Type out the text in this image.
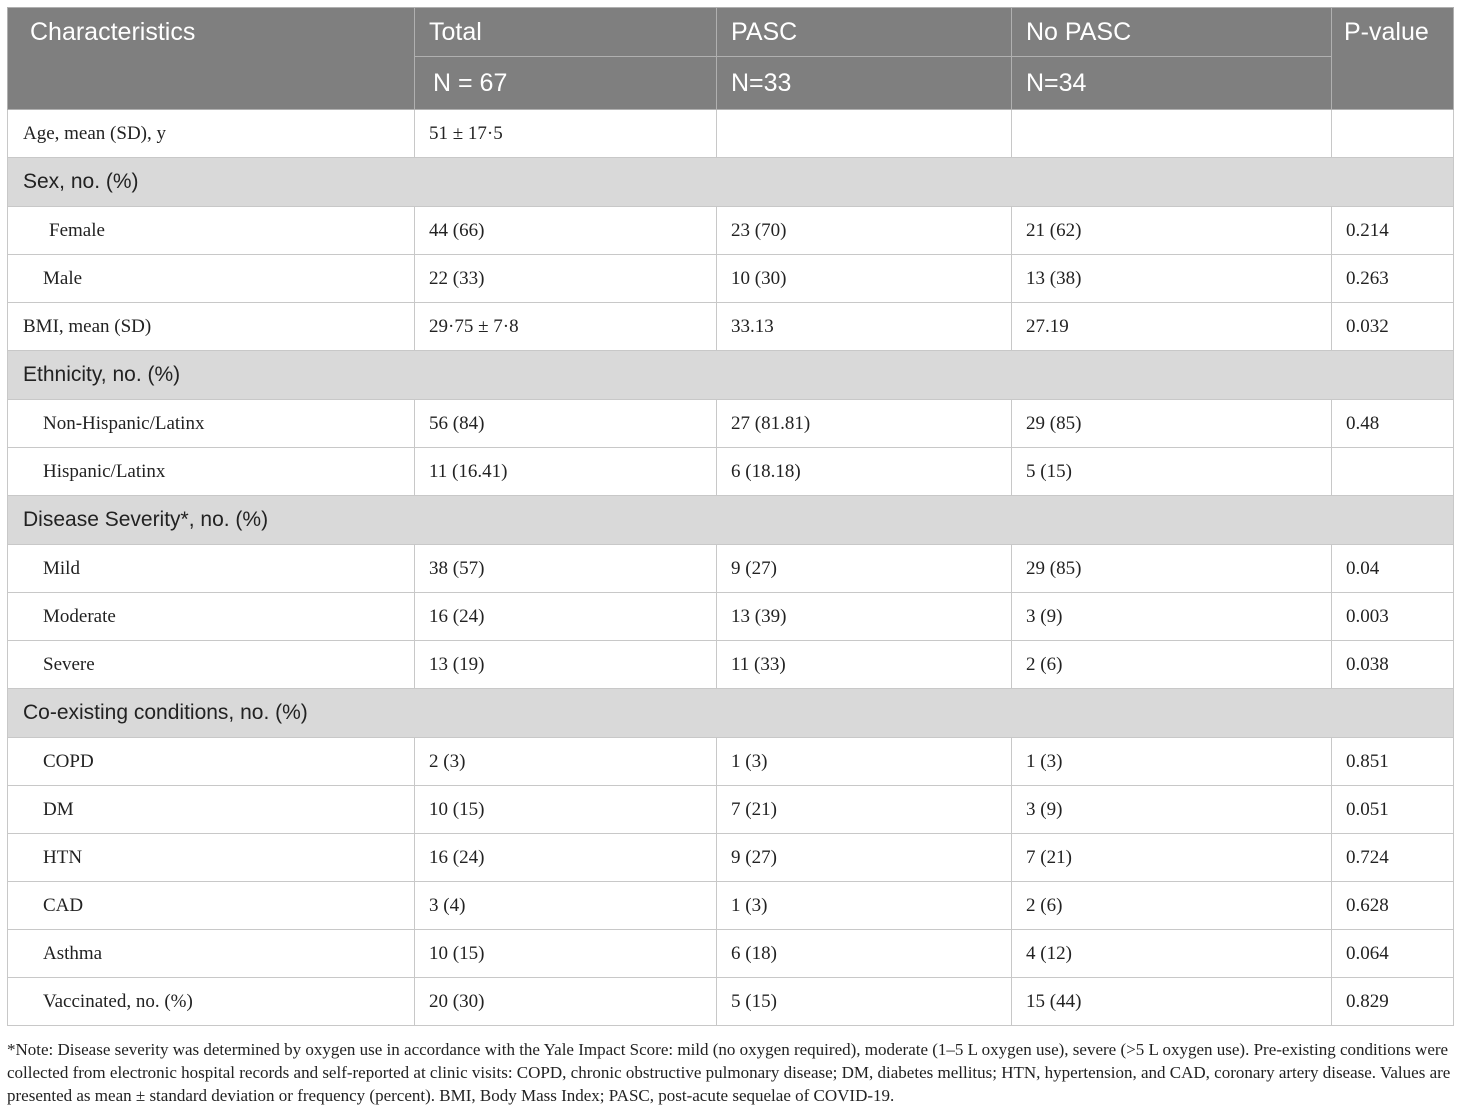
Characteristics	Total	PASC	No PASC	P-value
	N = 67	N=33	N=34	
Age, mean (SD), y	51 ± 17·5			
Sex, no. (%)				
Female	44 (66)	23 (70)	21 (62)	0.214
Male	22 (33)	10 (30)	13 (38)	0.263
BMI, mean (SD)	29·75 ± 7·8	33.13	27.19	0.032
Ethnicity, no. (%)				
Non-Hispanic/Latinx	56 (84)	27 (81.81)	29 (85)	0.48
Hispanic/Latinx	11 (16.41)	6 (18.18)	5 (15)	
Disease Severity*, no. (%)				
Mild	38 (57)	9 (27)	29 (85)	0.04
Moderate	16 (24)	13 (39)	3 (9)	0.003
Severe	13 (19)	11 (33)	2 (6)	0.038
Co-existing conditions, no. (%)				
COPD	2 (3)	1 (3)	1 (3)	0.851
DM	10 (15)	7 (21)	3 (9)	0.051
HTN	16 (24)	9 (27)	7 (21)	0.724
CAD	3 (4)	1 (3)	2 (6)	0.628
Asthma	10 (15)	6 (18)	4 (12)	0.064
Vaccinated, no. (%)	20 (30)	5 (15)	15 (44)	0.829
*Note: Disease severity was determined by oxygen use in accordance with the Yale Impact Score: mild (no oxygen required), moderate (1–5 L oxygen use), severe (>5 L oxygen use). Pre-existing conditions were collected from electronic hospital records and self-reported at clinic visits: COPD, chronic obstructive pulmonary disease; DM, diabetes mellitus; HTN, hypertension, and CAD, coronary artery disease. Values are presented as mean ± standard deviation or frequency (percent). BMI, Body Mass Index; PASC, post-acute sequelae of COVID-19.
